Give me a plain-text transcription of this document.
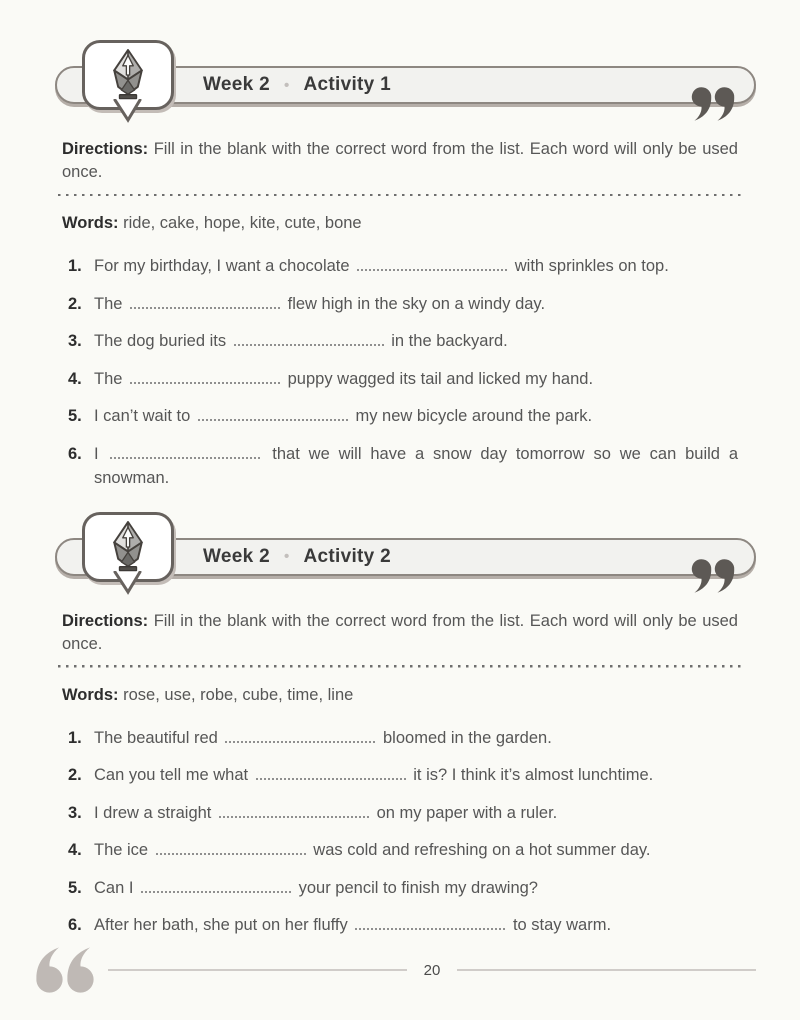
Week 2 • Activity 1

Directions: Fill in the blank with the correct word from the list. Each word will only be used once.

Words: ride, cake, hope, kite, cute, bone

1. For my birthday, I want a chocolate	with sprinkles on top.

2. The	flew high in the sky on a windy day.

3. The dog buried its	in the backyard.

4. The	puppy wagged its tail and licked my hand.

5. I can’t wait to	my new bicycle around the park.

6. I	that we will have a snow day tomorrow so we can build a snowman.

Week 2 • Activity 2

Directions: Fill in the blank with the correct word from the list. Each word will only be used once.

Words: rose, use, robe, cube, time, line

1. The beautiful red	bloomed in the garden.

2. Can you tell me what	it is? I think it’s almost lunchtime.

3. I drew a straight	on my paper with a ruler.

4. The ice	was cold and refreshing on a hot summer day.

5. Can I	your pencil to finish my drawing?

6. After her bath, she put on her fluffy	to stay warm.

20
